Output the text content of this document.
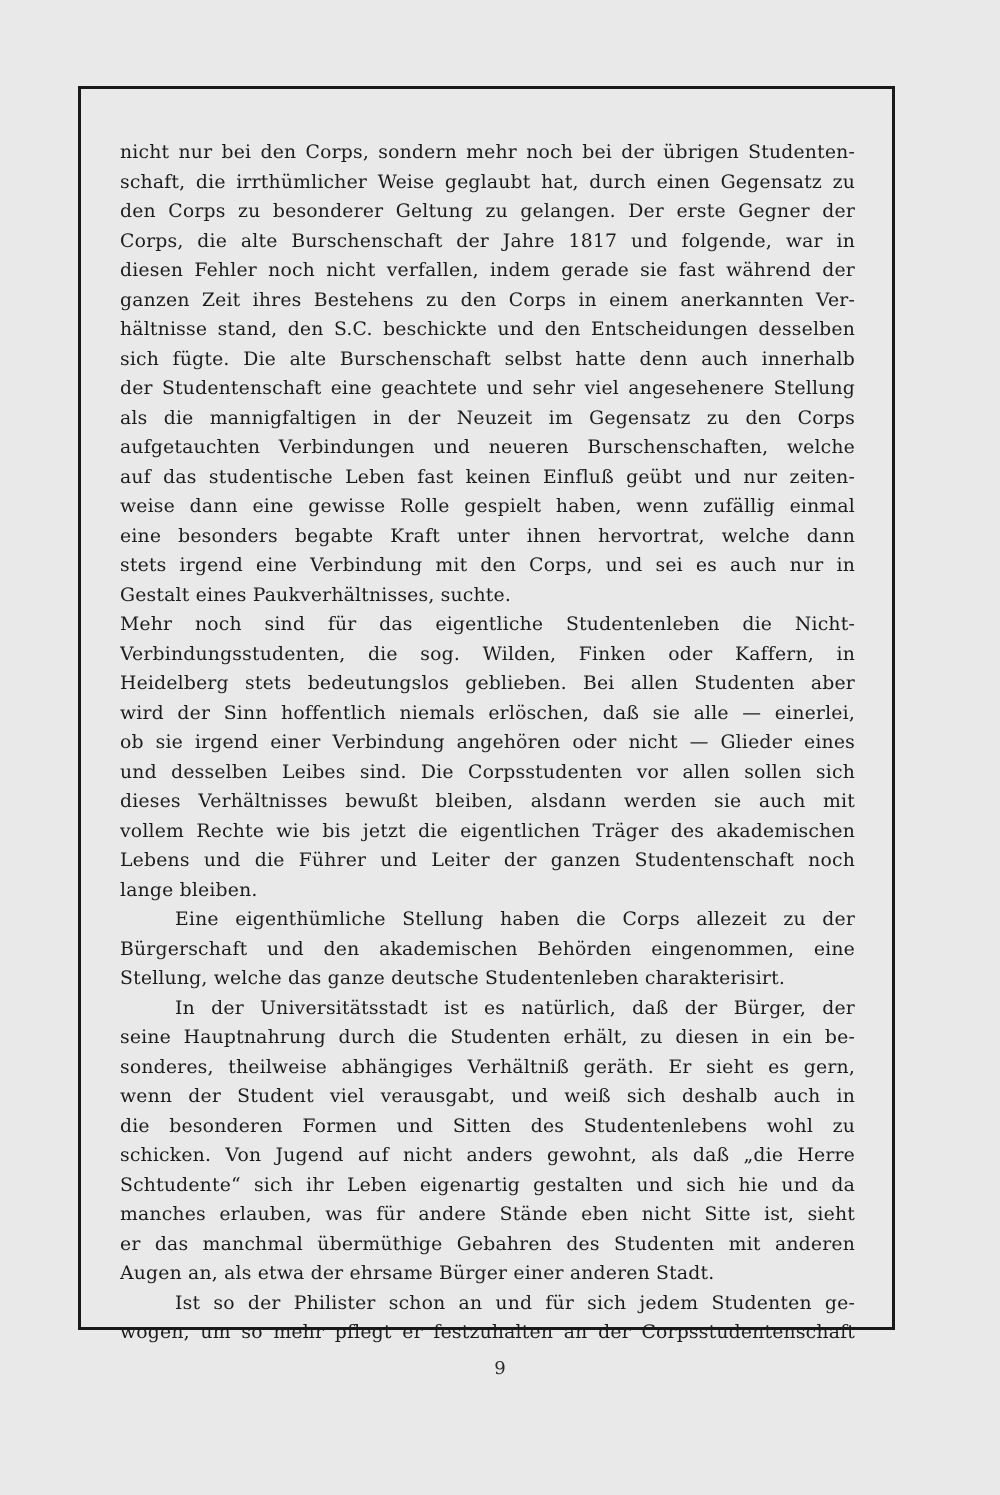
nicht nur bei den Corps, sondern mehr noch bei der übrigen Studenten-
schaft, die irrthümlicher Weise geglaubt hat, durch einen Gegensatz zu
den Corps zu besonderer Geltung zu gelangen. Der erste Gegner der
Corps, die alte Burschenschaft der Jahre 1817 und folgende, war in
diesen Fehler noch nicht verfallen, indem gerade sie fast während der
ganzen Zeit ihres Bestehens zu den Corps in einem anerkannten Ver-
hältnisse stand, den S.C. beschickte und den Entscheidungen desselben
sich fügte. Die alte Burschenschaft selbst hatte denn auch innerhalb
der Studentenschaft eine geachtete und sehr viel angesehenere Stellung
als die mannigfaltigen in der Neuzeit im Gegensatz zu den Corps
aufgetauchten Verbindungen und neueren Burschenschaften, welche
auf das studentische Leben fast keinen Einfluß geübt und nur zeiten-
weise dann eine gewisse Rolle gespielt haben, wenn zufällig einmal
eine besonders begabte Kraft unter ihnen hervortrat, welche dann
stets irgend eine Verbindung mit den Corps, und sei es auch nur in
Gestalt eines Paukverhältnisses, suchte.
Mehr noch sind für das eigentliche Studentenleben die Nicht-
Verbindungsstudenten, die sog. Wilden, Finken oder Kaffern, in
Heidelberg stets bedeutungslos geblieben. Bei allen Studenten aber
wird der Sinn hoffentlich niemals erlöschen, daß sie alle — einerlei,
ob sie irgend einer Verbindung angehören oder nicht — Glieder eines
und desselben Leibes sind. Die Corpsstudenten vor allen sollen sich
dieses Verhältnisses bewußt bleiben, alsdann werden sie auch mit
vollem Rechte wie bis jetzt die eigentlichen Träger des akademischen
Lebens und die Führer und Leiter der ganzen Studentenschaft noch
lange bleiben.
Eine eigenthümliche Stellung haben die Corps allezeit zu der
Bürgerschaft und den akademischen Behörden eingenommen, eine
Stellung, welche das ganze deutsche Studentenleben charakterisirt.
In der Universitätsstadt ist es natürlich, daß der Bürger, der
seine Hauptnahrung durch die Studenten erhält, zu diesen in ein be-
sonderes, theilweise abhängiges Verhältniß geräth. Er sieht es gern,
wenn der Student viel verausgabt, und weiß sich deshalb auch in
die besonderen Formen und Sitten des Studentenlebens wohl zu
schicken. Von Jugend auf nicht anders gewohnt, als daß „die Herre
Schtudente“ sich ihr Leben eigenartig gestalten und sich hie und da
manches erlauben, was für andere Stände eben nicht Sitte ist, sieht
er das manchmal übermüthige Gebahren des Studenten mit anderen
Augen an, als etwa der ehrsame Bürger einer anderen Stadt.
Ist so der Philister schon an und für sich jedem Studenten ge-
wogen, um so mehr pflegt er festzuhalten an der Corpsstudentenschaft
9
